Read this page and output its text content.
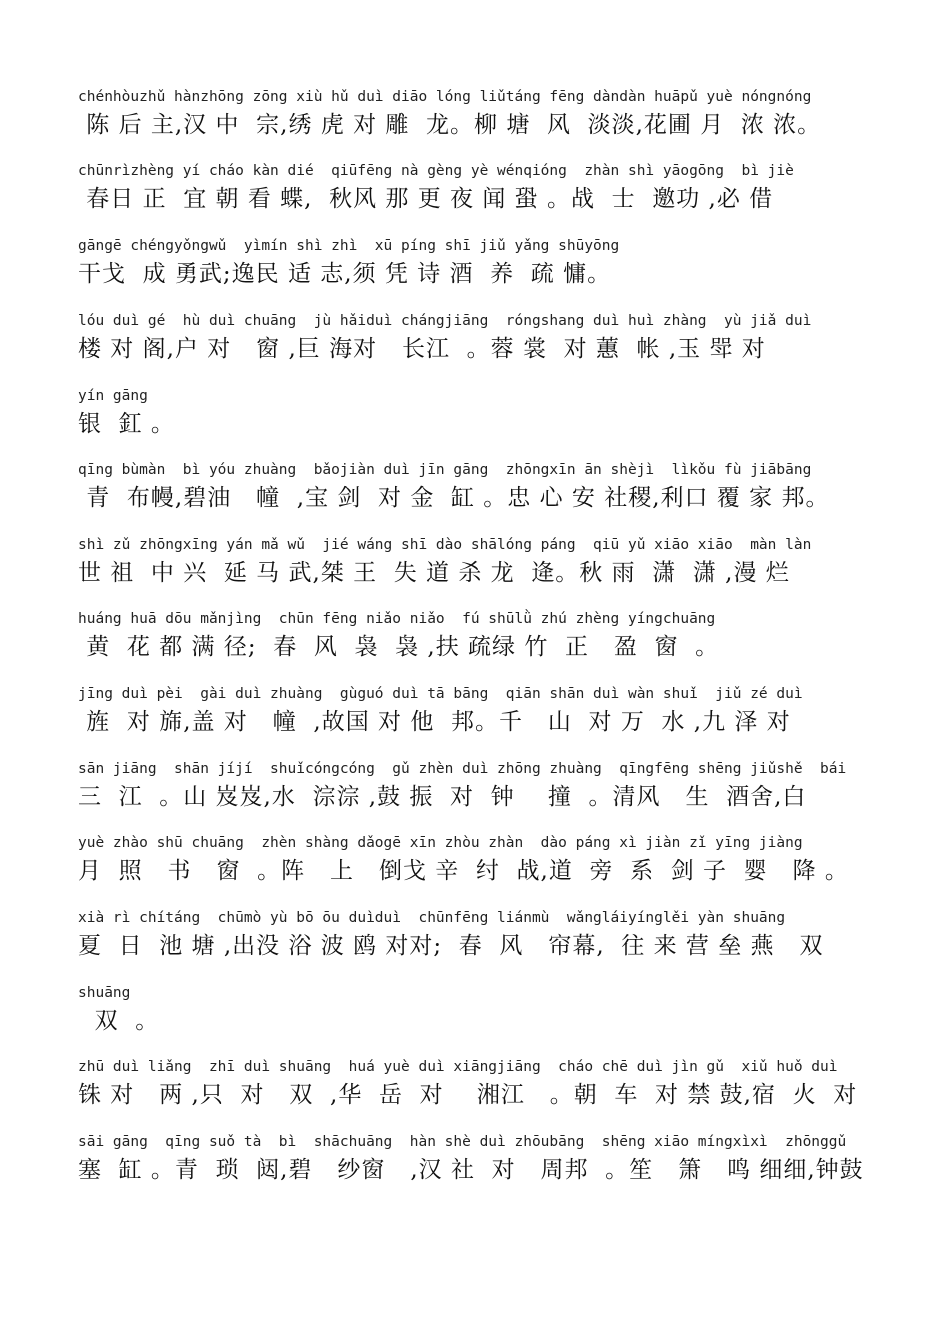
chénhòuzhǔ hànzhōng zōng xiù hǔ duì diāo lóng liǔtáng fēng dàndàn huāpǔ yuè nóngnóng
陈 后 主,汉 中  宗,绣 虎 对 雕  龙。柳 塘  风  淡淡,花圃 月  浓 浓。
chūnrìzhèng yí cháo kàn dié  qiūfēng nà gèng yè wénqióng  zhàn shì yāogōng  bì jiè
春日 正  宜 朝 看 蝶,  秋风 那 更 夜 闻 蛩 。战  士  邀功 ,必 借
gāngē chéngyǒngwǔ  yìmín shì zhì  xū píng shī jiǔ yǎng shūyōng
干戈  成 勇武;逸民 适 志,须 凭 诗 酒  养  疏 慵。
lóu duì gé  hù duì chuāng  jù hǎiduì chángjiāng  róngshang duì huì zhàng  yù jiǎ duì
楼 对 阁,户 对   窗 ,巨 海对   长江  。蓉 裳  对 蕙  帐 ,玉 斝 对
yín gāng
银  釭 。
qīng bùmàn  bì yóu zhuàng  bǎojiàn duì jīn gāng  zhōngxīn ān shèjì  lìkǒu fù jiābāng
青  布幔,碧油   幢  ,宝 剑  对 金  缸 。忠 心 安 社稷,利口 覆 家 邦。
shì zǔ zhōngxīng yán mǎ wǔ  jié wáng shī dào shālóng páng  qiū yǔ xiāo xiāo  màn làn
世 祖  中 兴  延 马 武,桀 王  失 道 杀 龙  逄。秋 雨  潇  潇 ,漫 烂
huáng huā dōu mǎnjìng  chūn fēng niǎo niǎo  fú shūlǜ zhú zhèng yíngchuāng
黄  花 都 满 径;  春  风  袅  袅 ,扶 疏绿 竹  正   盈  窗  。
jīng duì pèi  gài duì zhuàng  gùguó duì tā bāng  qiān shān duì wàn shuǐ  jiǔ zé duì
旌  对 旆,盖 对   幢  ,故国 对 他  邦。千   山  对 万  水 ,九 泽 对
sān jiāng  shān jíjí  shuǐcóngcóng  gǔ zhèn duì zhōng zhuàng  qīngfēng shēng jiǔshě  bái
三  江  。山 岌岌,水  淙淙 ,鼓 振  对  钟    撞  。清风   生  酒舍,白
yuè zhào shū chuāng  zhèn shàng dǎogē xīn zhòu zhàn  dào páng xì jiàn zǐ yīng jiàng
月  照   书   窗  。阵   上   倒戈 辛  纣  战,道  旁  系  剑 子  婴   降 。
xià rì chítáng  chūmò yù bō ōu duìduì  chūnfēng liánmù  wǎngláiyínglěi yàn shuāng
夏  日  池 塘 ,出没 浴 波 鸥 对对;  春  风   帘幕,  往 来 营 垒 燕   双
shuāng
双  。
zhū duì liǎng  zhī duì shuāng  huá yuè duì xiāngjiāng  cháo chē duì jìn gǔ  xiǔ huǒ duì
铢 对   两 ,只  对   双  ,华  岳  对    湘江   。朝  车  对 禁 鼓,宿  火  对
sāi gāng  qīng suǒ tà  bì  shāchuāng  hàn shè duì zhōubāng  shēng xiāo míngxìxì  zhōnggǔ
塞  缸 。青  琐  闼,碧   纱窗   ,汉 社  对   周邦  。笙   箫   鸣 细细,钟鼓
